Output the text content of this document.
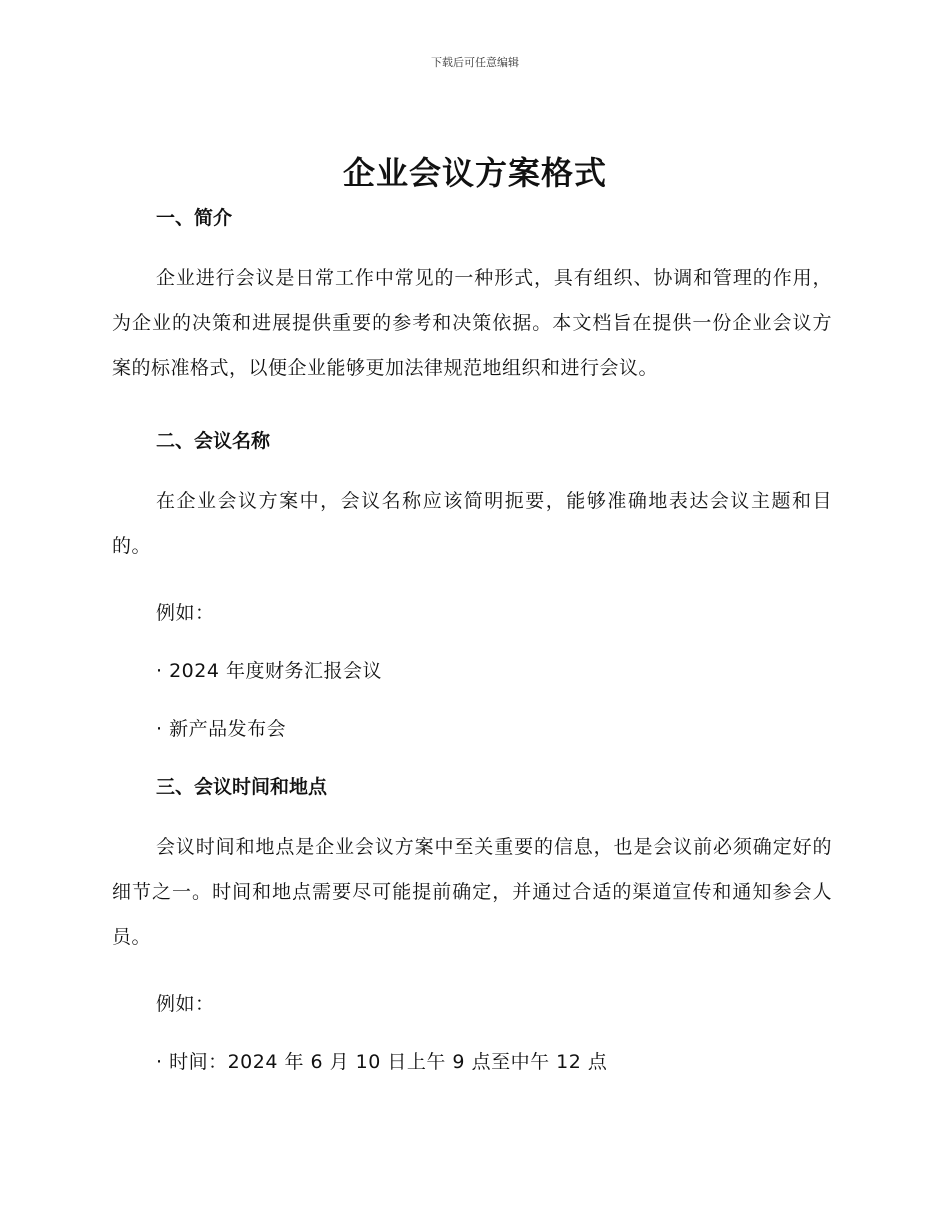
下载后可任意编辑
企业会议方案格式
一、简介

企业进行会议是日常工作中常见的一种形式，具有组织、协调和管理的作用，为企业的决策和进展提供重要的参考和决策依据。本文档旨在提供一份企业会议方案的标准格式，以便企业能够更加法律规范地组织和进行会议。

二、会议名称

在企业会议方案中，会议名称应该简明扼要，能够准确地表达会议主题和目的。

例如：
· 2024 年度财务汇报会议
· 新产品发布会
三、会议时间和地点

会议时间和地点是企业会议方案中至关重要的信息，也是会议前必须确定好的细节之一。时间和地点需要尽可能提前确定，并通过合适的渠道宣传和通知参会人员。

例如：
· 时间：2024 年 6 月 10 日上午 9 点至中午 12 点
